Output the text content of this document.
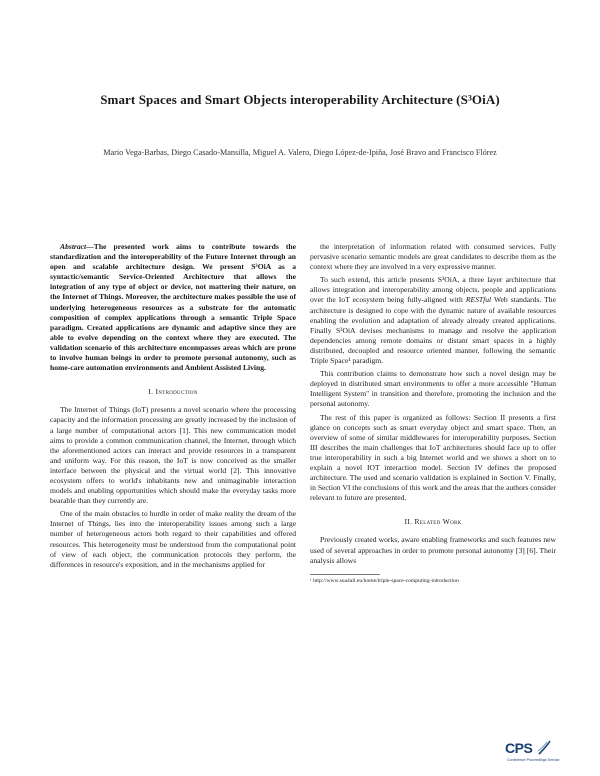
Smart Spaces and Smart Objects interoperability Architecture (S³OiA)
Mario Vega-Barbas, Diego Casado-Mansilla, Miguel A. Valero, Diego López-de-Ipiña, José Bravo and Francisco Flórez

Abstract—The presented work aims to contribute towards the standardization and the interoperability of the Future Internet through an open and scalable architecture design. We present S³OiA as a syntactic/semantic Service-Oriented Architecture that allows the integration of any type of object or device, not mattering their nature, on the Internet of Things. Moreover, the architecture makes possible the use of underlying heterogeneous resources as a substrate for the automatic composition of complex applications through a semantic Triple Space paradigm. Created applications are dynamic and adaptive since they are able to evolve depending on the context where they are executed. The validation scenario of this architecture encompasses areas which are prone to involve human beings in order to promote personal autonomy, such as home-care automation environments and Ambient Assisted Living.

I. Introduction

The Internet of Things (IoT) presents a novel scenario where the processing capacity and the information processing are greatly increased by the inclusion of a large number of computational actors [1]. This new communication model aims to provide a common communication channel, the Internet, through which the aforementioned actors can interact and provide resources in a transparent and uniform way. For this reason, the IoT is now conceived as the smaller interface between the physical and the virtual world [2]. This innovative ecosystem offers to world's inhabitants new and unimaginable interaction models and enabling opportunities which should make the everyday tasks more bearable than they currently are.

One of the main obstacles to hurdle in order of make reality the dream of the Internet of Things, lies into the interoperability issues among such a large number of heterogeneous actors both regard to their capabilities and offered resources. This heterogeneity must be understood from the computational point of view of each object, the communication protocols they perform, the differences in resource's exposition, and in the mechanisms applied for

the interpretation of information related with consumed services. Fully pervasive scenario semantic models are great candidates to describe them as the context where they are involved in a very expressive manner.

To such extend, this article presents S³OiA, a three layer architecture that allows integration and interoperability among objects, people and applications over the IoT ecosystem being fully-aligned with RESTful Web standards. The architecture is designed to cope with the dynamic nature of available resources enabling the evolution and adaptation of already already created applications. Finally S³OiA devises mechanisms to manage and resolve the application dependencies among remote domains or distant smart spaces in a highly distributed, decoupled and resource oriented manner, following the semantic Triple Space¹ paradigm.

This contribution claims to demonstrate how such a novel design may be deployed in distributed smart environments to offer a more accessible "Human Intelligent System" in transition and therefore, promoting the inclusion and the personal autonomy.

The rest of this paper is organized as follows: Section II presents a first glance on concepts such as smart everyday object and smart space. Then, an overview of some of similar middlewares for interoperability purposes. Section III describes the main challenges that IoT architectures should face up to offer true interoperability in such a big Internet world and we shows a short on to explain a novel IOT interaction model. Section IV defines the proposed architecture. The used and scenario validation is explained in Section V. Finally, in Section VI the conclusions of this work and the areas that the authors consider relevant to future are presented.

II. Related Work

Previously created works, aware enabling frameworks and such features new used of several approaches in order to promote personal autonomy [3] [6]. Their analysis allows

¹ http://www.soa4all.eu/home/triple-space-computing-introduction
CPS
Conference Proceedings Service
